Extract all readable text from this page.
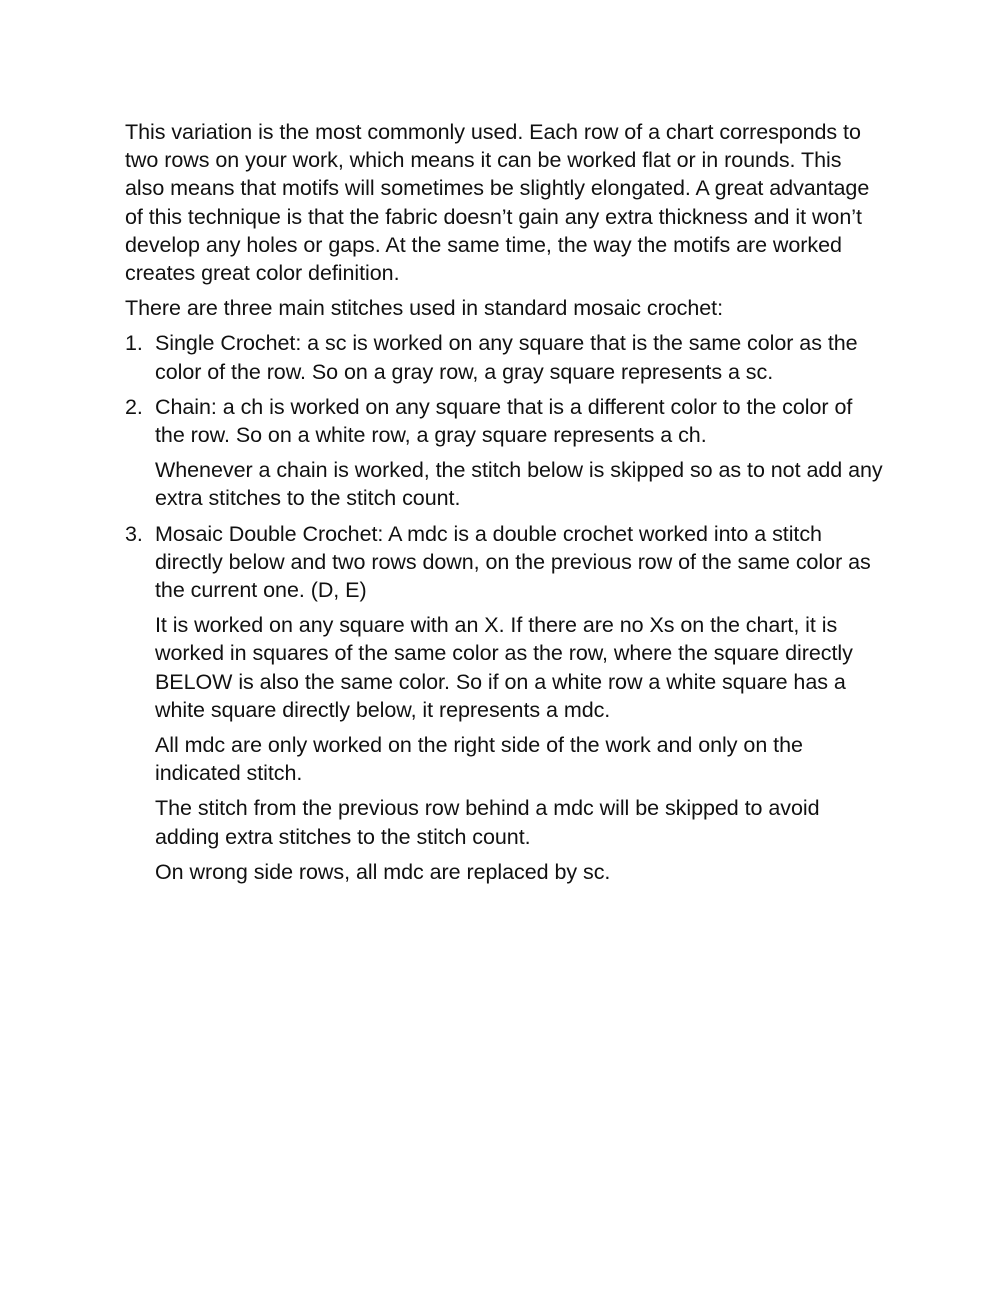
This variation is the most commonly used. Each row of a chart corresponds to two rows on your work, which means it can be worked flat or in rounds. This also means that motifs will sometimes be slightly elongated. A great advantage of this technique is that the fabric doesn’t gain any extra thickness and it won’t develop any holes or gaps. At the same time, the way the motifs are worked creates great color definition.

There are three main stitches used in standard mosaic crochet:

1. Single Crochet: a sc is worked on any square that is the same color as the color of the row. So on a gray row, a gray square represents a sc.

2. Chain: a ch is worked on any square that is a different color to the color of the row. So on a white row, a gray square represents a ch.

Whenever a chain is worked, the stitch below is skipped so as to not add any extra stitches to the stitch count.

3. Mosaic Double Crochet: A mdc is a double crochet worked into a stitch directly below and two rows down, on the previous row of the same color as the current one. (D, E)

It is worked on any square with an X. If there are no Xs on the chart, it is worked in squares of the same color as the row, where the square directly BELOW is also the same color. So if on a white row a white square has a white square directly below, it represents a mdc.

All mdc are only worked on the right side of the work and only on the indicated stitch.

The stitch from the previous row behind a mdc will be skipped to avoid adding extra stitches to the stitch count.

On wrong side rows, all mdc are replaced by sc.
